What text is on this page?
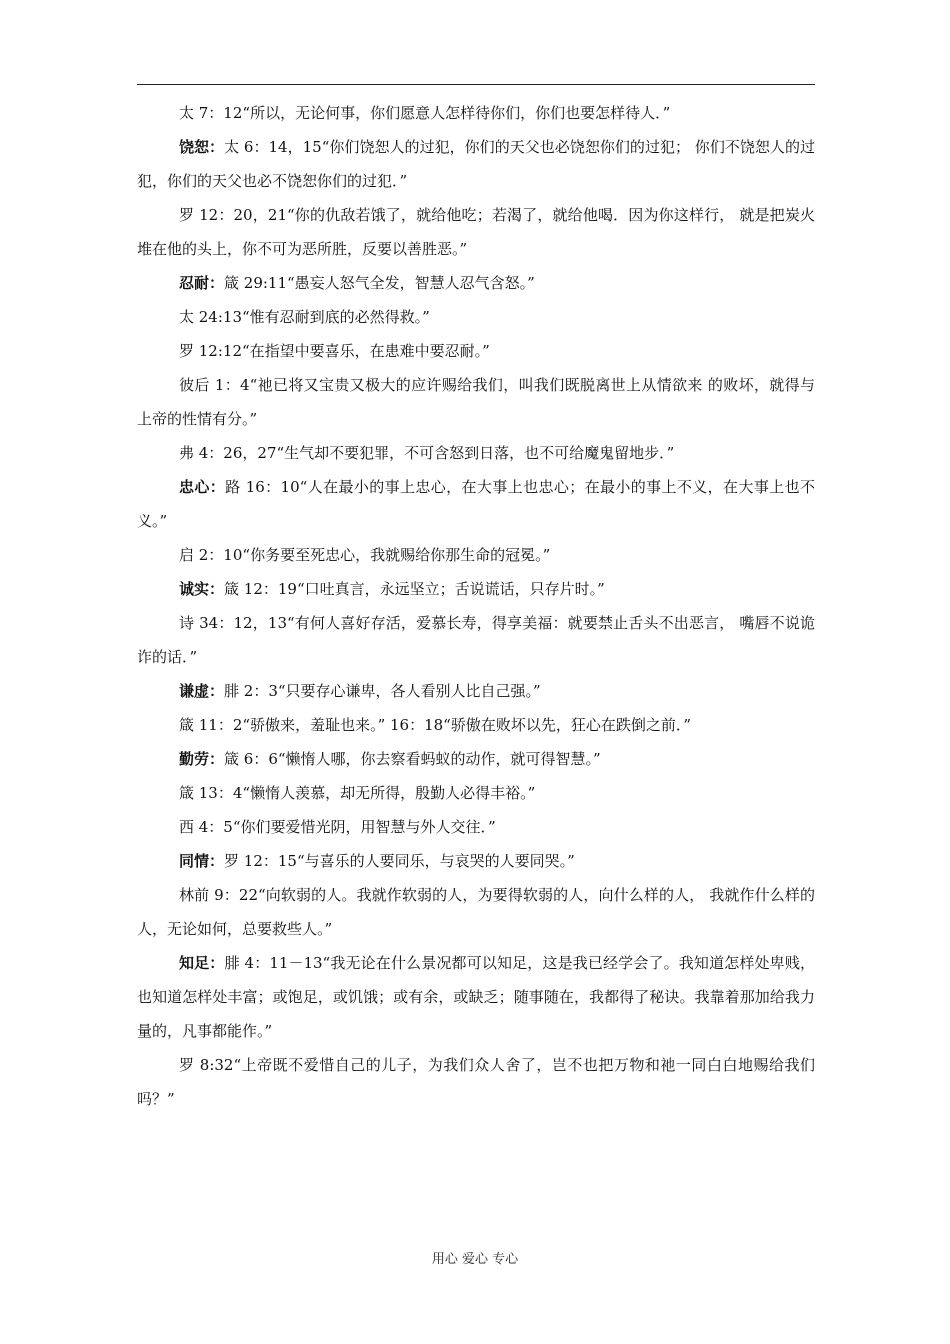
太 7：12“所以，无论何事，你们愿意人怎样待你们，你们也要怎样待人．”

饶恕：太 6：14，15“你们饶恕人的过犯，你们的天父也必饶恕你们的过犯； 你们不饶恕人的过犯，你们的天父也必不饶恕你们的过犯．”

罗 12：20，21“你的仇敌若饿了，就给他吃；若渴了，就给他喝．因为你这样行， 就是把炭火堆在他的头上，你不可为恶所胜，反要以善胜恶。”

忍耐：箴 29:11“愚妄人怒气全发，智慧人忍气含怒。”

太 24:13“惟有忍耐到底的必然得救。”

罗 12:12“在指望中要喜乐，在患难中要忍耐。”

彼后 1：4“祂已将又宝贵又极大的应许赐给我们，叫我们既脱离世上从情欲来 的败坏，就得与上帝的性情有分。”

弗 4：26，27“生气却不要犯罪，不可含怒到日落，也不可给魔鬼留地步．”

忠心：路 16：10“人在最小的事上忠心，在大事上也忠心；在最小的事上不义，在大事上也不义。”

启 2：10“你务要至死忠心，我就赐给你那生命的冠冕。”

诚实：箴 12：19“口吐真言，永远坚立；舌说谎话，只存片时。”

诗 34：12，13“有何人喜好存活，爱慕长寿，得享美福：就要禁止舌头不出恶言， 嘴唇不说诡诈的话．”

谦虚：腓 2：3“只要存心谦卑，各人看别人比自己强。”

箴 11：2“骄傲来，羞耻也来。” 16：18“骄傲在败坏以先，狂心在跌倒之前．”

勤劳：箴 6：6“懒惰人哪，你去察看蚂蚁的动作，就可得智慧。”

箴 13：4“懒惰人羡慕，却无所得，殷勤人必得丰裕。”

西 4：5“你们要爱惜光阴，用智慧与外人交往．”

同情：罗 12：15“与喜乐的人要同乐，与哀哭的人要同哭。”

林前 9：22“向软弱的人。我就作软弱的人，为要得软弱的人，向什么样的人， 我就作什么样的人，无论如何，总要救些人。”

知足：腓 4：11－13“我无论在什么景况都可以知足，这是我已经学会了。我知道怎样处卑贱，也知道怎样处丰富；或饱足，或饥饿；或有余，或缺乏；随事随在，我都得了秘诀。我靠着那加给我力量的，凡事都能作。”

罗 8:32“上帝既不爱惜自己的儿子，为我们众人舍了，岂不也把万物和祂一同白白地赐给我们吗？”

用心 爱心 专心
